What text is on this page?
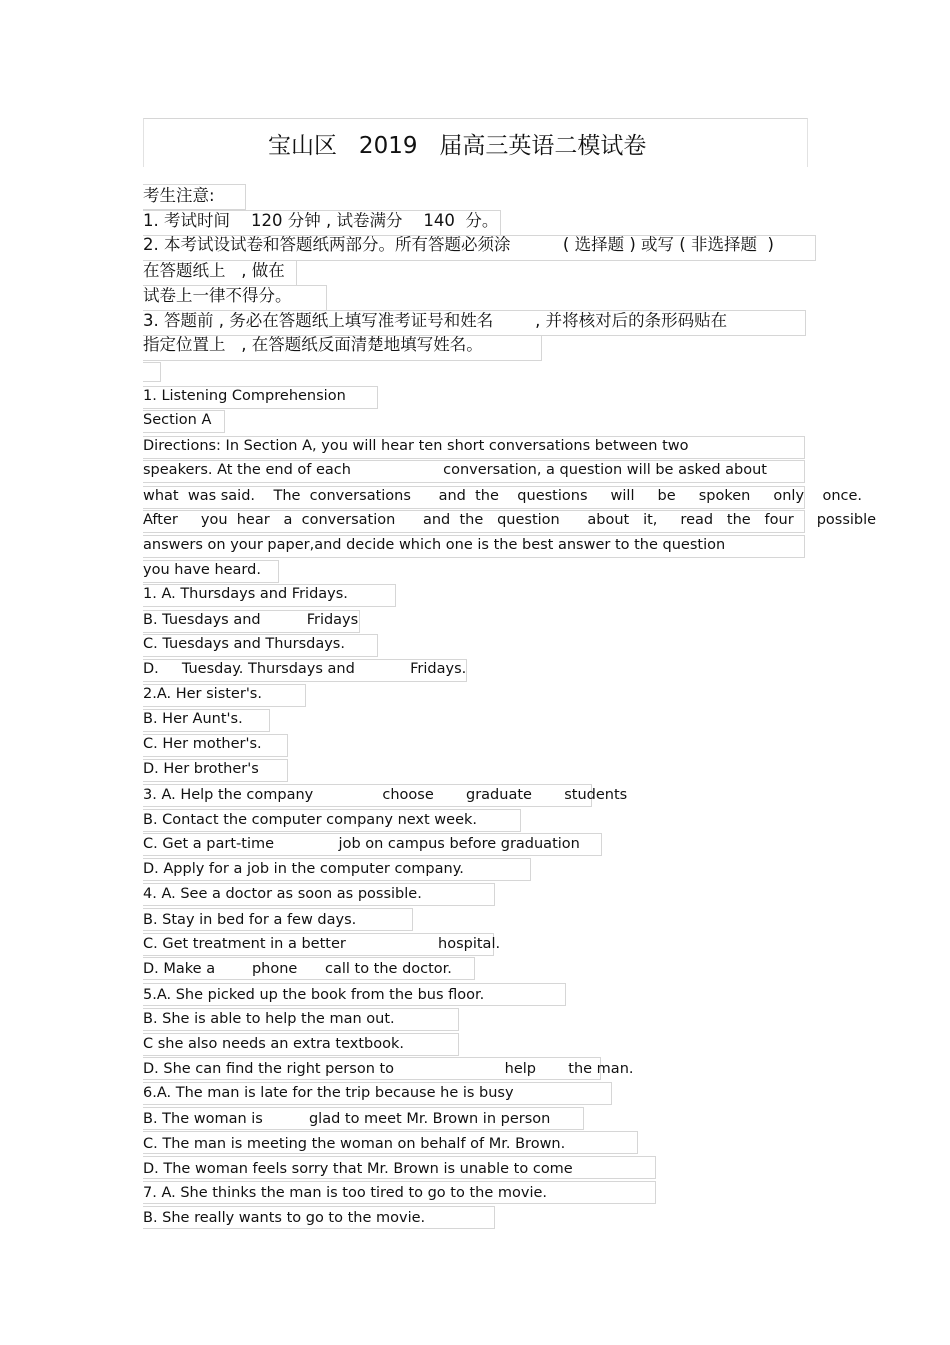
宝山区   2019   届高三英语二模试卷
考生注意:
1. 考试时间    120 分钟 , 试卷满分    140  分。
2. 本考试设试卷和答题纸两部分。所有答题必须涂          ( 选择题 ) 或写 ( 非选择题  )
在答题纸上   , 做在
试卷上一律不得分。
3. 答题前 , 务必在答题纸上填写准考证号和姓名        , 并将核对后的条形码贴在
指定位置上   , 在答题纸反面清楚地填写姓名。
1. Listening Comprehension
Section A
Directions: In Section A, you will hear ten short conversations between two
speakers. At the end of each                    conversation, a question will be asked about
what  was said.    The  conversations      and  the    questions     will     be     spoken     only    once.
After     you  hear   a  conversation      and  the   question      about   it,     read   the   four     possible
answers on your paper,and decide which one is the best answer to the question
you have heard.
1. A. Thursdays and Fridays.
B. Tuesdays and          Fridays
C. Tuesdays and Thursdays.
D.     Tuesday. Thursdays and            Fridays.
2.A. Her sister's.
B. Her Aunt's.
C. Her mother's.
D. Her brother's
3. A. Help the company               choose       graduate       students
B. Contact the computer company next week.
C. Get a part-time              job on campus before graduation
D. Apply for a job in the computer company.
4. A. See a doctor as soon as possible.
B. Stay in bed for a few days.
C. Get treatment in a better                    hospital.
D. Make a        phone      call to the doctor.
5.A. She picked up the book from the bus floor.
B. She is able to help the man out.
C she also needs an extra textbook.
D. She can find the right person to                        help       the man.
6.A. The man is late for the trip because he is busy
B. The woman is          glad to meet Mr. Brown in person
C. The man is meeting the woman on behalf of Mr. Brown.
D. The woman feels sorry that Mr. Brown is unable to come
7. A. She thinks the man is too tired to go to the movie.
B. She really wants to go to the movie.
